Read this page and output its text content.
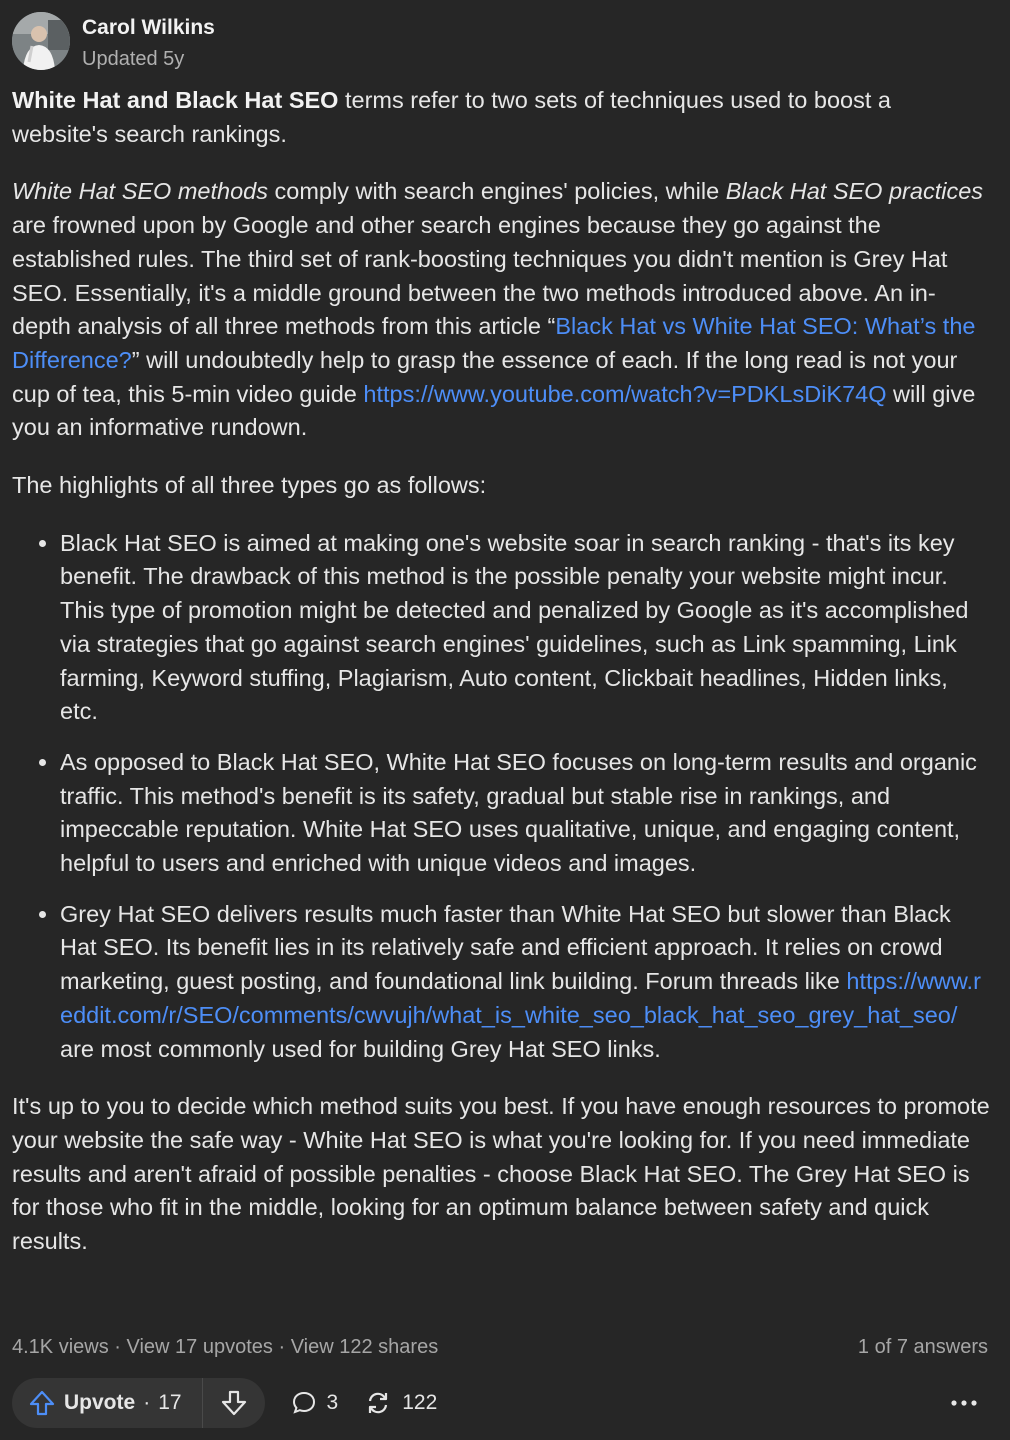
Carol Wilkins
Updated 5y

White Hat and Black Hat SEO terms refer to two sets of techniques used to boost a website's search rankings.

White Hat SEO methods comply with search engines' policies, while Black Hat SEO practices are frowned upon by Google and other search engines because they go against the established rules. The third set of rank-boosting techniques you didn't mention is Grey Hat SEO. Essentially, it's a middle ground between the two methods introduced above. An in-depth analysis of all three methods from this article “Black Hat vs White Hat SEO: What’s the Difference?” will undoubtedly help to grasp the essence of each. If the long read is not your cup of tea, this 5-min video guide https://www.youtube.com/watch?v=PDKLsDiK74Q will give you an informative rundown.

The highlights of all three types go as follows:

• Black Hat SEO is aimed at making one's website soar in search ranking - that's its key benefit. The drawback of this method is the possible penalty your website might incur. This type of promotion might be detected and penalized by Google as it's accomplished via strategies that go against search engines' guidelines, such as Link spamming, Link farming, Keyword stuffing, Plagiarism, Auto content, Clickbait headlines, Hidden links, etc.
• As opposed to Black Hat SEO, White Hat SEO focuses on long-term results and organic traffic. This method's benefit is its safety, gradual but stable rise in rankings, and impeccable reputation. White Hat SEO uses qualitative, unique, and engaging content, helpful to users and enriched with unique videos and images.
• Grey Hat SEO delivers results much faster than White Hat SEO but slower than Black Hat SEO. Its benefit lies in its relatively safe and efficient approach. It relies on crowd marketing, guest posting, and foundational link building. Forum threads like https://www.reddit.com/r/SEO/comments/cwvujh/what_is_white_seo_black_hat_seo_grey_hat_seo/ are most commonly used for building Grey Hat SEO links.

It's up to you to decide which method suits you best. If you have enough resources to promote your website the safe way - White Hat SEO is what you're looking for. If you need immediate results and aren't afraid of possible penalties - choose Black Hat SEO. The Grey Hat SEO is for those who fit in the middle, looking for an optimum balance between safety and quick results.

4.1K views · View 17 upvotes · View 122 shares	1 of 7 answers
Upvote · 17	3	122
